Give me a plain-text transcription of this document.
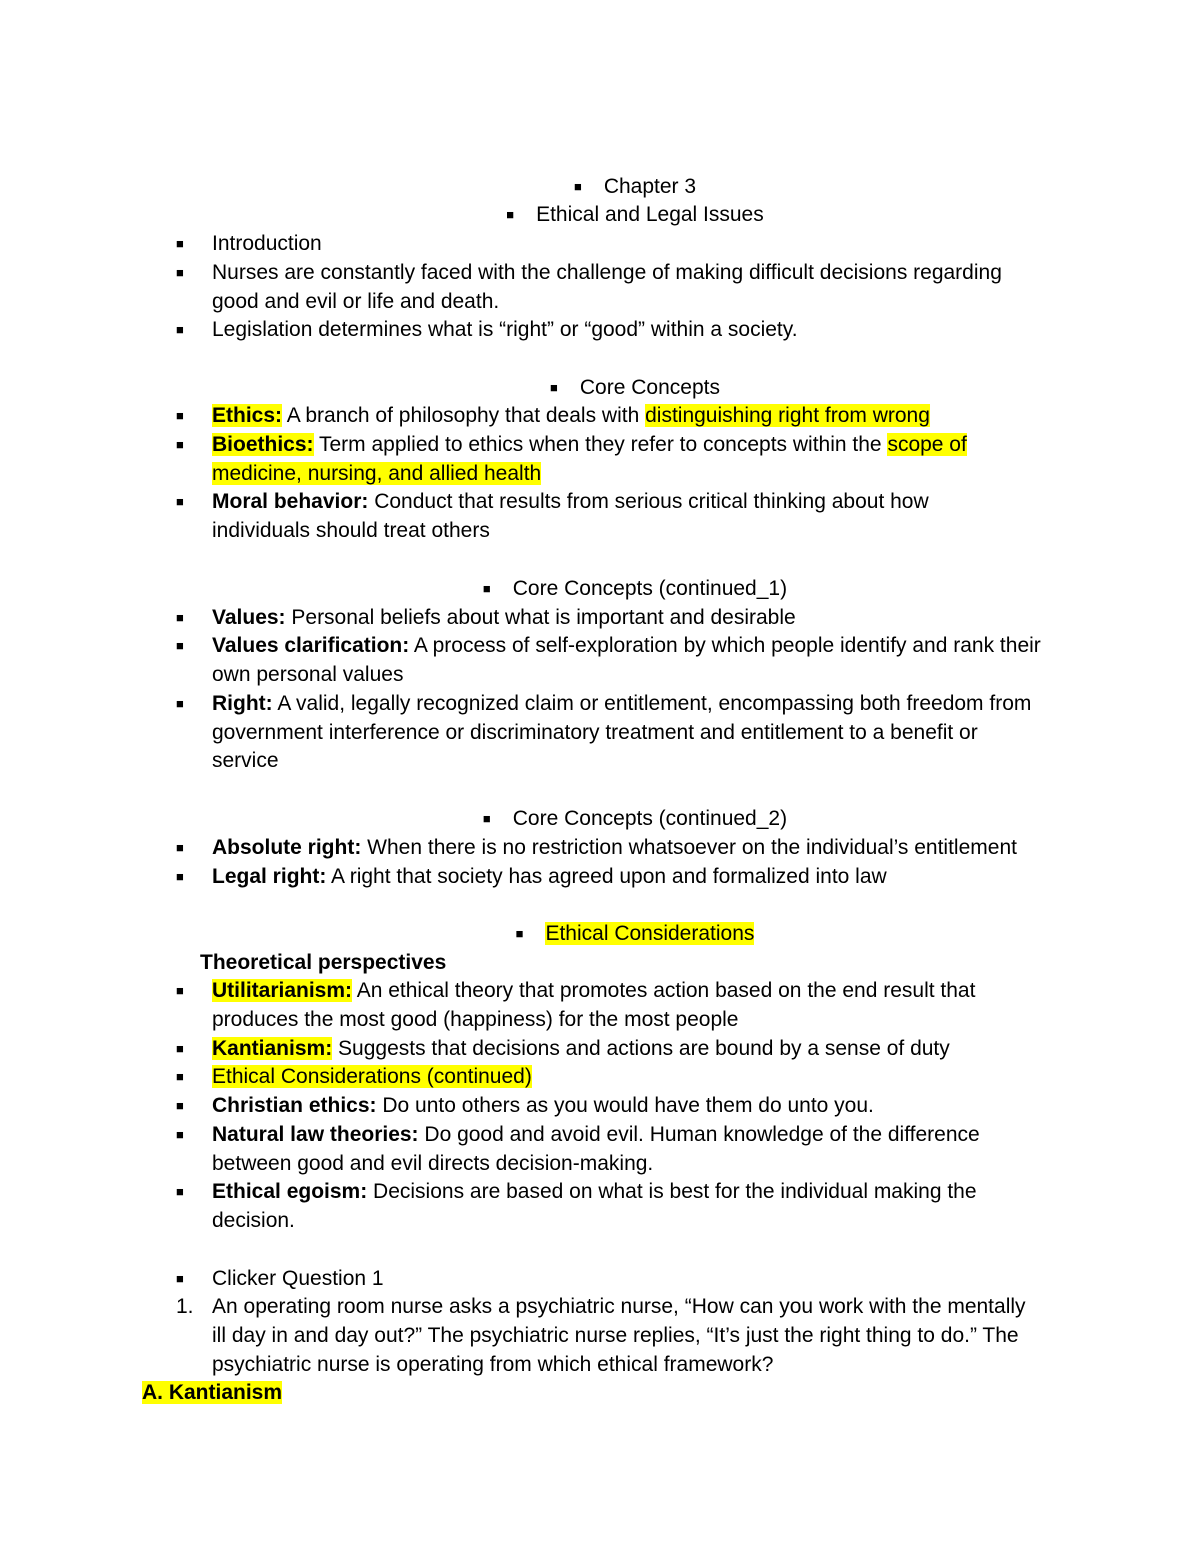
■ Chapter 3
■ Ethical and Legal Issues
■ Introduction
■ Nurses are constantly faced with the challenge of making difficult decisions regarding
good and evil or life and death.
■ Legislation determines what is “right” or “good” within a society.
■ Core Concepts
■ Ethics: A branch of philosophy that deals with distinguishing right from wrong
■ Bioethics: Term applied to ethics when they refer to concepts within the scope of
medicine, nursing, and allied health
■ Moral behavior: Conduct that results from serious critical thinking about how
individuals should treat others
■ Core Concepts (continued_1)
■ Values: Personal beliefs about what is important and desirable
■ Values clarification: A process of self-exploration by which people identify and rank their
own personal values
■ Right: A valid, legally recognized claim or entitlement, encompassing both freedom from
government interference or discriminatory treatment and entitlement to a benefit or
service
■ Core Concepts (continued_2)
■ Absolute right: When there is no restriction whatsoever on the individual’s entitlement
■ Legal right: A right that society has agreed upon and formalized into law
■ Ethical Considerations
Theoretical perspectives
■ Utilitarianism: An ethical theory that promotes action based on the end result that
produces the most good (happiness) for the most people
■ Kantianism: Suggests that decisions and actions are bound by a sense of duty
■ Ethical Considerations (continued)
■ Christian ethics: Do unto others as you would have them do unto you.
■ Natural law theories: Do good and avoid evil. Human knowledge of the difference
between good and evil directs decision-making.
■ Ethical egoism: Decisions are based on what is best for the individual making the
decision.
■ Clicker Question 1
1. An operating room nurse asks a psychiatric nurse, “How can you work with the mentally
ill day in and day out?” The psychiatric nurse replies, “It’s just the right thing to do.” The
psychiatric nurse is operating from which ethical framework?
A. Kantianism
